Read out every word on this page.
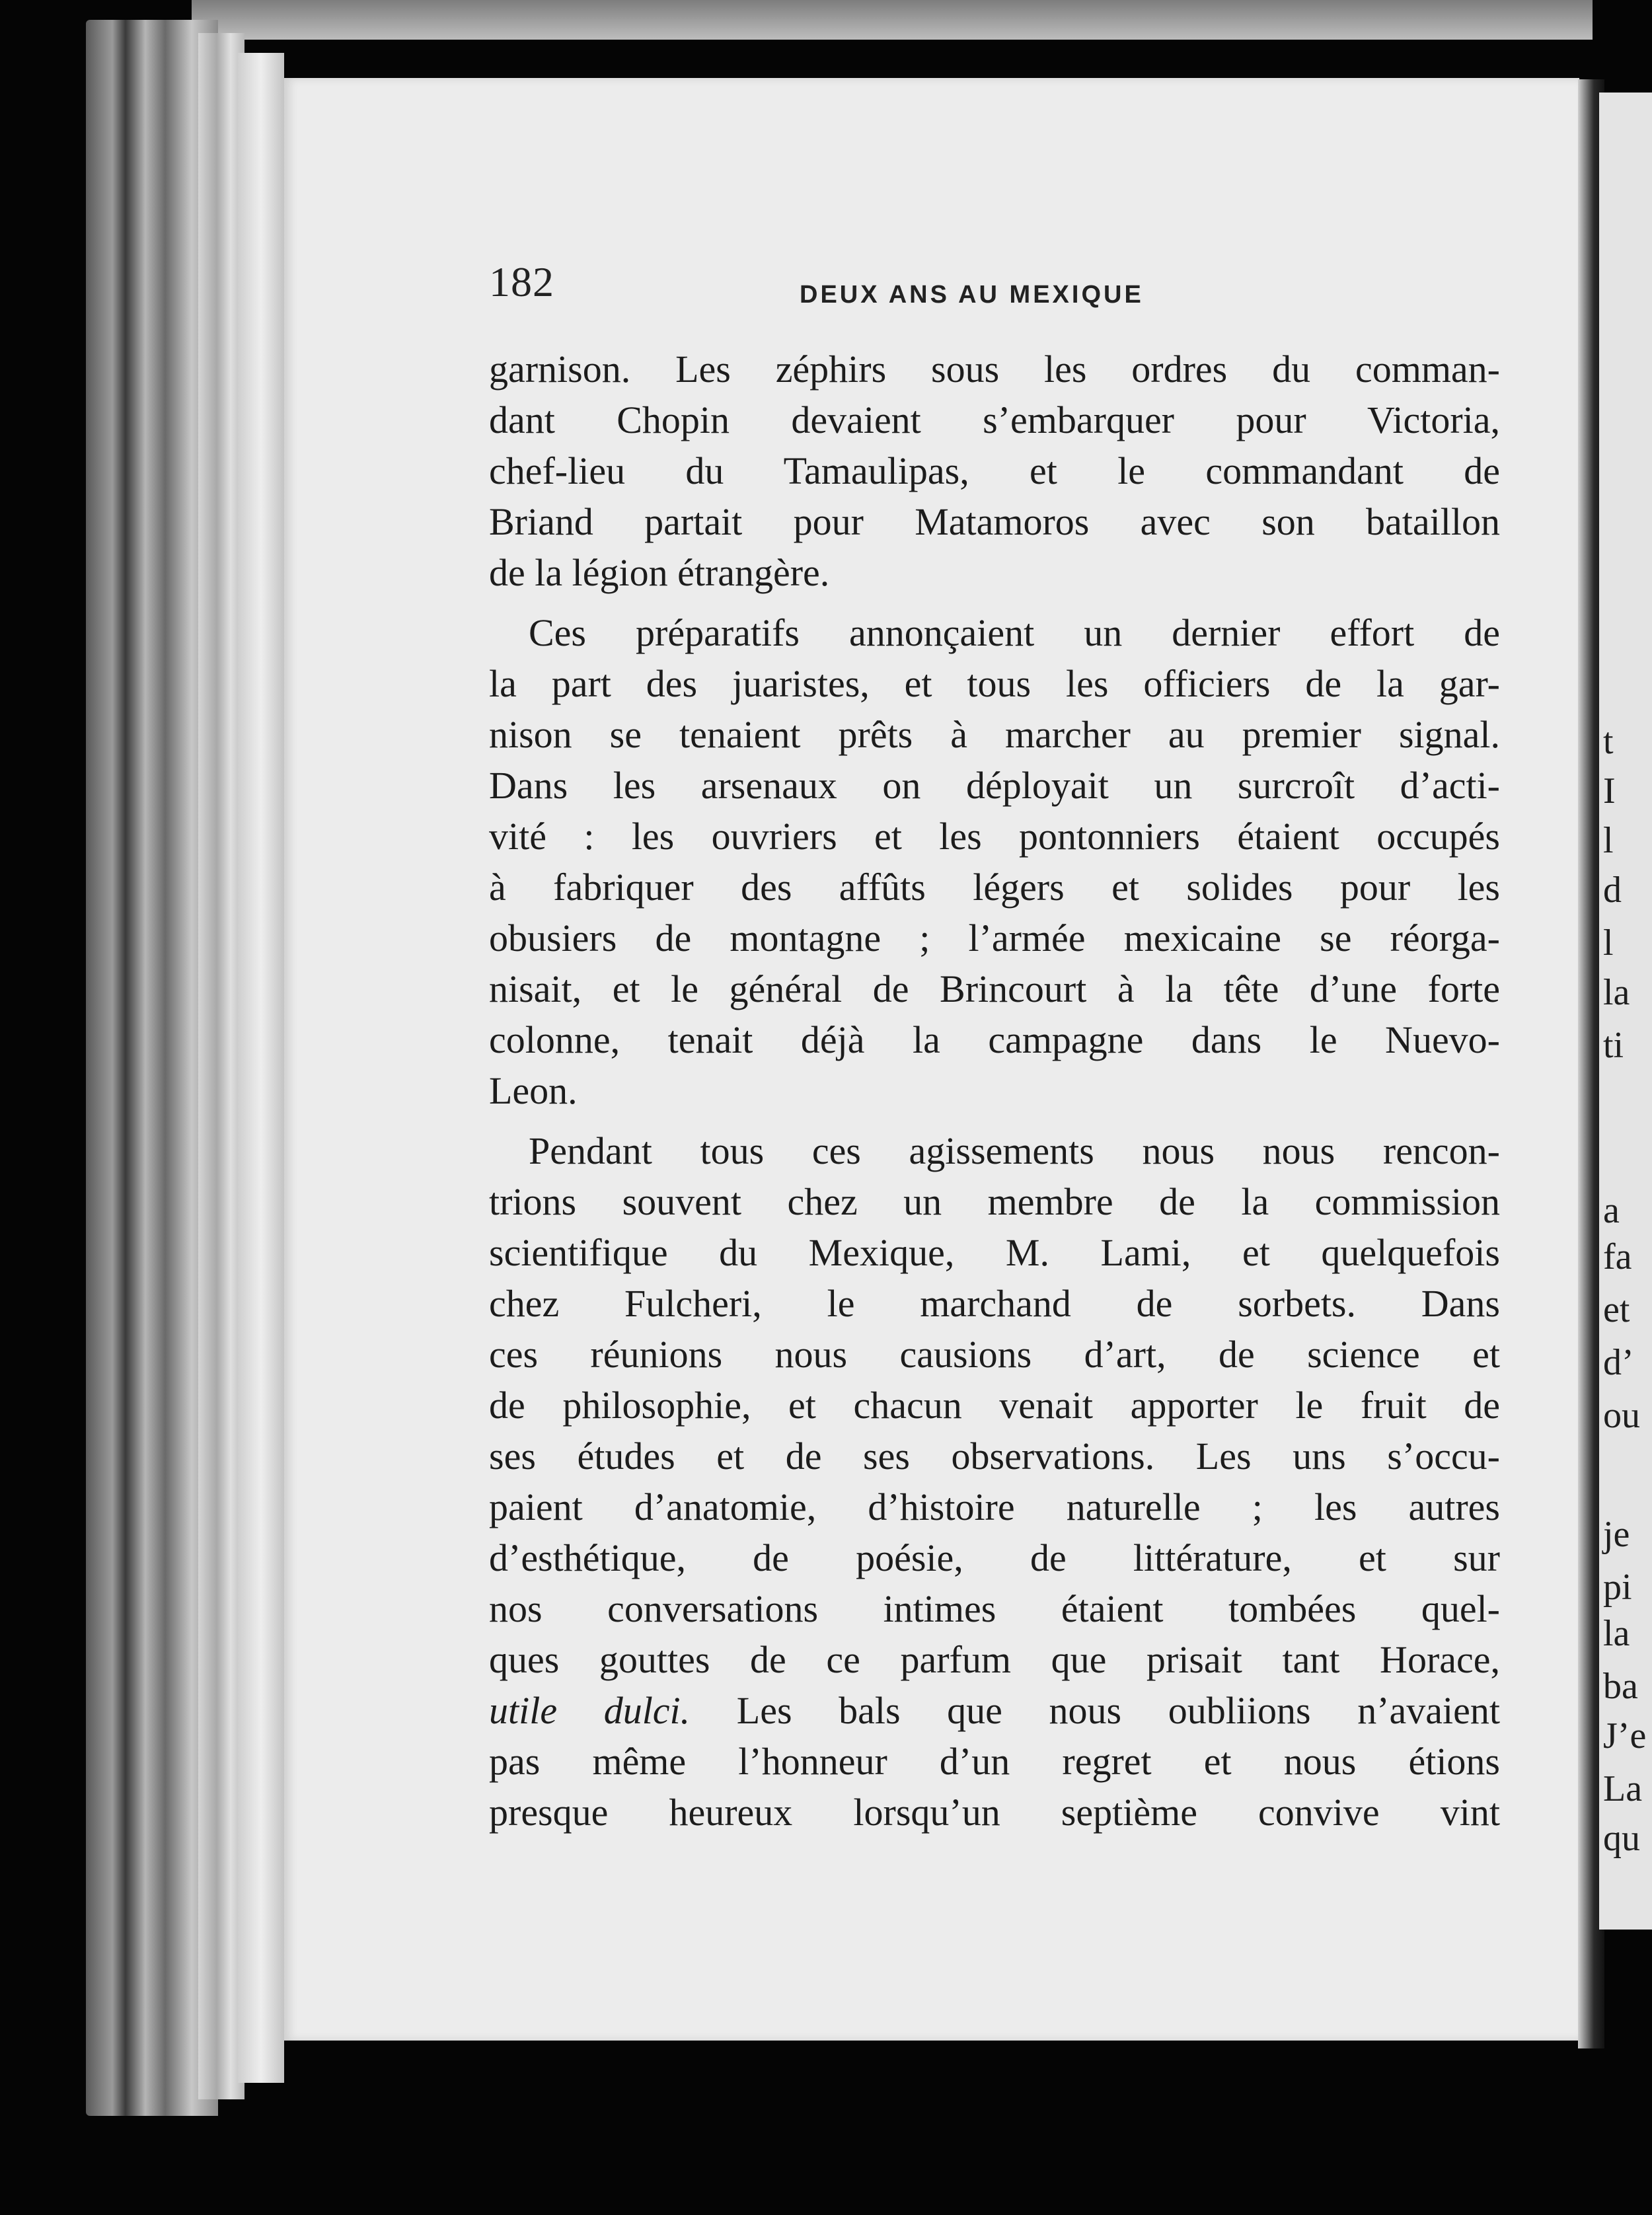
t
I
l
d
l
la
ti
a
fa
et
d’
ou
je
pi
la
ba
J’e
La
qu
182	DEUX ANS AU MEXIQUE
garnison. Les zéphirs sous les ordres du comman-
dant Chopin devaient s’embarquer pour Victoria,
chef-lieu du Tamaulipas, et le commandant de
Briand partait pour Matamoros avec son bataillon
de la légion étrangère.
Ces préparatifs annonçaient un dernier effort de
la part des juaristes, et tous les officiers de la gar-
nison se tenaient prêts à marcher au premier signal.
Dans les arsenaux on déployait un surcroît d’acti-
vité : les ouvriers et les pontonniers étaient occupés
à fabriquer des affûts légers et solides pour les
obusiers de montagne ; l’armée mexicaine se réorga-
nisait, et le général de Brincourt à la tête d’une forte
colonne, tenait déjà la campagne dans le Nuevo-
Leon.
Pendant tous ces agissements nous nous rencon-
trions souvent chez un membre de la commission
scientifique du Mexique, M. Lami, et quelquefois
chez Fulcheri, le marchand de sorbets. Dans
ces réunions nous causions d’art, de science et
de philosophie, et chacun venait apporter le fruit de
ses études et de ses observations. Les uns s’occu-
paient d’anatomie, d’histoire naturelle ; les autres
d’esthétique, de poésie, de littérature, et sur
nos conversations intimes étaient tombées quel-
ques gouttes de ce parfum que prisait tant Horace,
utile dulci. Les bals que nous oubliions n’avaient
pas même l’honneur d’un regret et nous étions
presque heureux lorsqu’un septième convive vint
